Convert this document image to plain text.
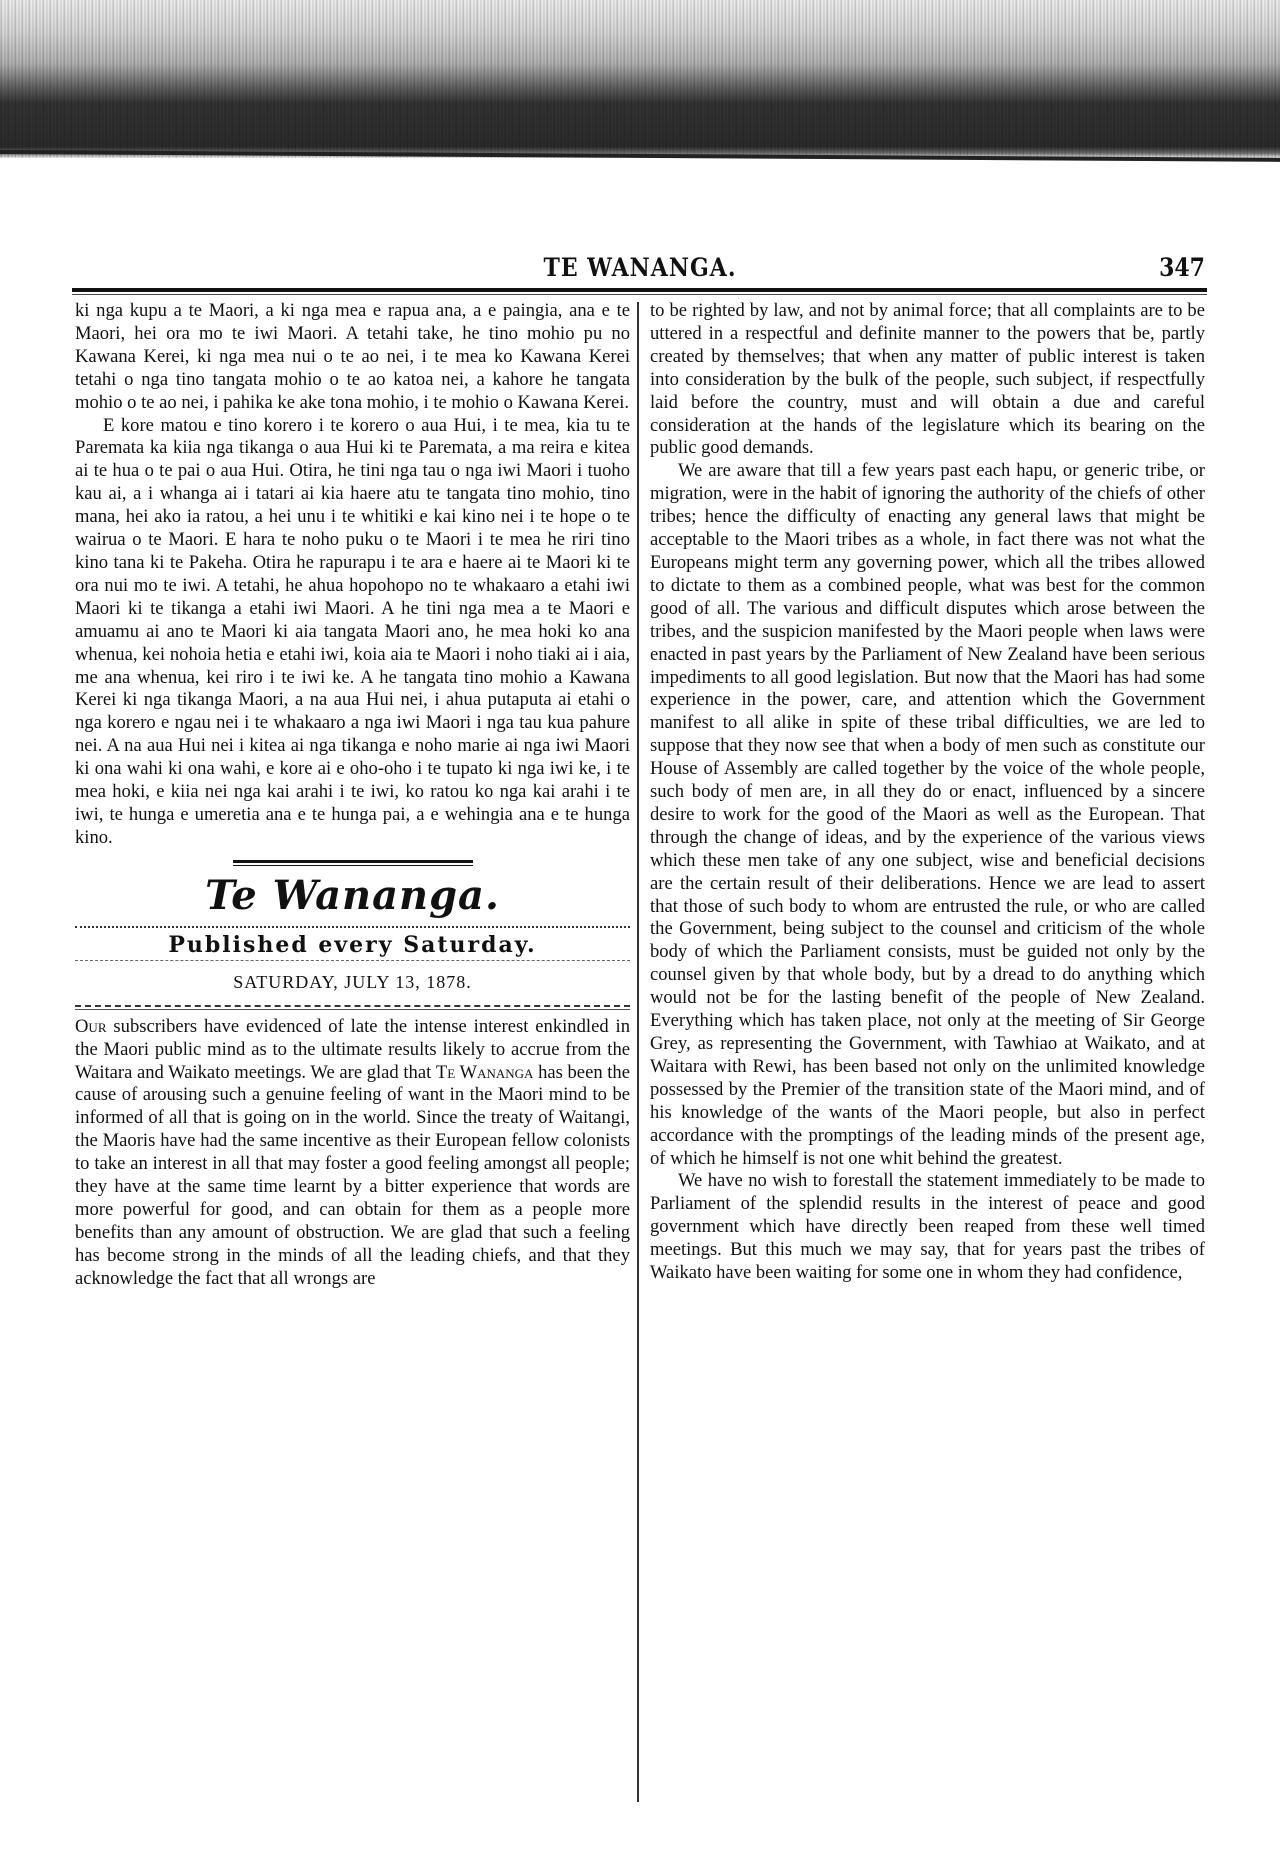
TE WANANGA.	347

ki nga kupu a te Maori, a ki nga mea e rapua ana, a e paingia, ana e te Maori, hei ora mo te iwi Maori. A tetahi take, he tino mohio pu no Kawana Kerei, ki nga mea nui o te ao nei, i te mea ko Kawana Kerei tetahi o nga tino tangata mohio o te ao katoa nei, a kahore he tangata mohio o te ao nei, i pahika ke ake tona mohio, i te mohio o Kawana Kerei.

E kore matou e tino korero i te korero o aua Hui, i te mea, kia tu te Paremata ka kiia nga tikanga o aua Hui ki te Paremata, a ma reira e kitea ai te hua o te pai o aua Hui. Otira, he tini nga tau o nga iwi Maori i tuoho kau ai, a i whanga ai i tatari ai kia haere atu te tangata tino mohio, tino mana, hei ako ia ratou, a hei unu i te whitiki e kai kino nei i te hope o te wairua o te Maori. E hara te noho puku o te Maori i te mea he riri tino kino tana ki te Pakeha. Otira he rapurapu i te ara e haere ai te Maori ki te ora nui mo te iwi. A tetahi, he ahua hopohopo no te whakaaro a etahi iwi Maori ki te tikanga a etahi iwi Maori. A he tini nga mea a te Maori e amuamu ai ano te Maori ki aia tangata Maori ano, he mea hoki ko ana whenua, kei nohoia hetia e etahi iwi, koia aia te Maori i noho tiaki ai i aia, me ana whenua, kei riro i te iwi ke. A he tangata tino mohio a Kawana Kerei ki nga tikanga Maori, a na aua Hui nei, i ahua putaputa ai etahi o nga korero e ngau nei i te whakaaro a nga iwi Maori i nga tau kua pahure nei. A na aua Hui nei i kitea ai nga tikanga e noho marie ai nga iwi Maori ki ona wahi ki ona wahi, e kore ai e oho-oho i te tupato ki nga iwi ke, i te mea hoki, e kiia nei nga kai arahi i te iwi, ko ratou ko nga kai arahi i te iwi, te hunga e umeretia ana e te hunga pai, a e wehingia ana e te hunga kino.

Te Wananga.
Published every Saturday.
SATURDAY, JULY 13, 1878.

Our subscribers have evidenced of late the intense interest enkindled in the Maori public mind as to the ultimate results likely to accrue from the Waitara and Waikato meetings. We are glad that Te Wananga has been the cause of arousing such a genuine feeling of want in the Maori mind to be informed of all that is going on in the world. Since the treaty of Waitangi, the Maoris have had the same incentive as their European fellow colonists to take an interest in all that may foster a good feeling amongst all people; they have at the same time learnt by a bitter experience that words are more powerful for good, and can obtain for them as a people more benefits than any amount of obstruction. We are glad that such a feeling has become strong in the minds of all the leading chiefs, and that they acknowledge the fact that all wrongs are

to be righted by law, and not by animal force; that all complaints are to be uttered in a respectful and definite manner to the powers that be, partly created by themselves; that when any matter of public interest is taken into consideration by the bulk of the people, such subject, if respectfully laid before the country, must and will obtain a due and careful consideration at the hands of the legislature which its bearing on the public good demands.

We are aware that till a few years past each hapu, or generic tribe, or migration, were in the habit of ignoring the authority of the chiefs of other tribes; hence the difficulty of enacting any general laws that might be acceptable to the Maori tribes as a whole, in fact there was not what the Europeans might term any governing power, which all the tribes allowed to dictate to them as a combined people, what was best for the common good of all. The various and difficult disputes which arose between the tribes, and the suspicion manifested by the Maori people when laws were enacted in past years by the Parliament of New Zealand have been serious impediments to all good legislation. But now that the Maori has had some experience in the power, care, and attention which the Government manifest to all alike in spite of these tribal difficulties, we are led to suppose that they now see that when a body of men such as constitute our House of Assembly are called together by the voice of the whole people, such body of men are, in all they do or enact, influenced by a sincere desire to work for the good of the Maori as well as the European. That through the change of ideas, and by the experience of the various views which these men take of any one subject, wise and beneficial decisions are the certain result of their deliberations. Hence we are lead to assert that those of such body to whom are entrusted the rule, or who are called the Government, being subject to the counsel and criticism of the whole body of which the Parliament consists, must be guided not only by the counsel given by that whole body, but by a dread to do anything which would not be for the lasting benefit of the people of New Zealand. Everything which has taken place, not only at the meeting of Sir George Grey, as representing the Government, with Tawhiao at Waikato, and at Waitara with Rewi, has been based not only on the unlimited knowledge possessed by the Premier of the transition state of the Maori mind, and of his knowledge of the wants of the Maori people, but also in perfect accordance with the promptings of the leading minds of the present age, of which he himself is not one whit behind the greatest.

We have no wish to forestall the statement immediately to be made to Parliament of the splendid results in the interest of peace and good government which have directly been reaped from these well timed meetings. But this much we may say, that for years past the tribes of Waikato have been waiting for some one in whom they had confidence,
